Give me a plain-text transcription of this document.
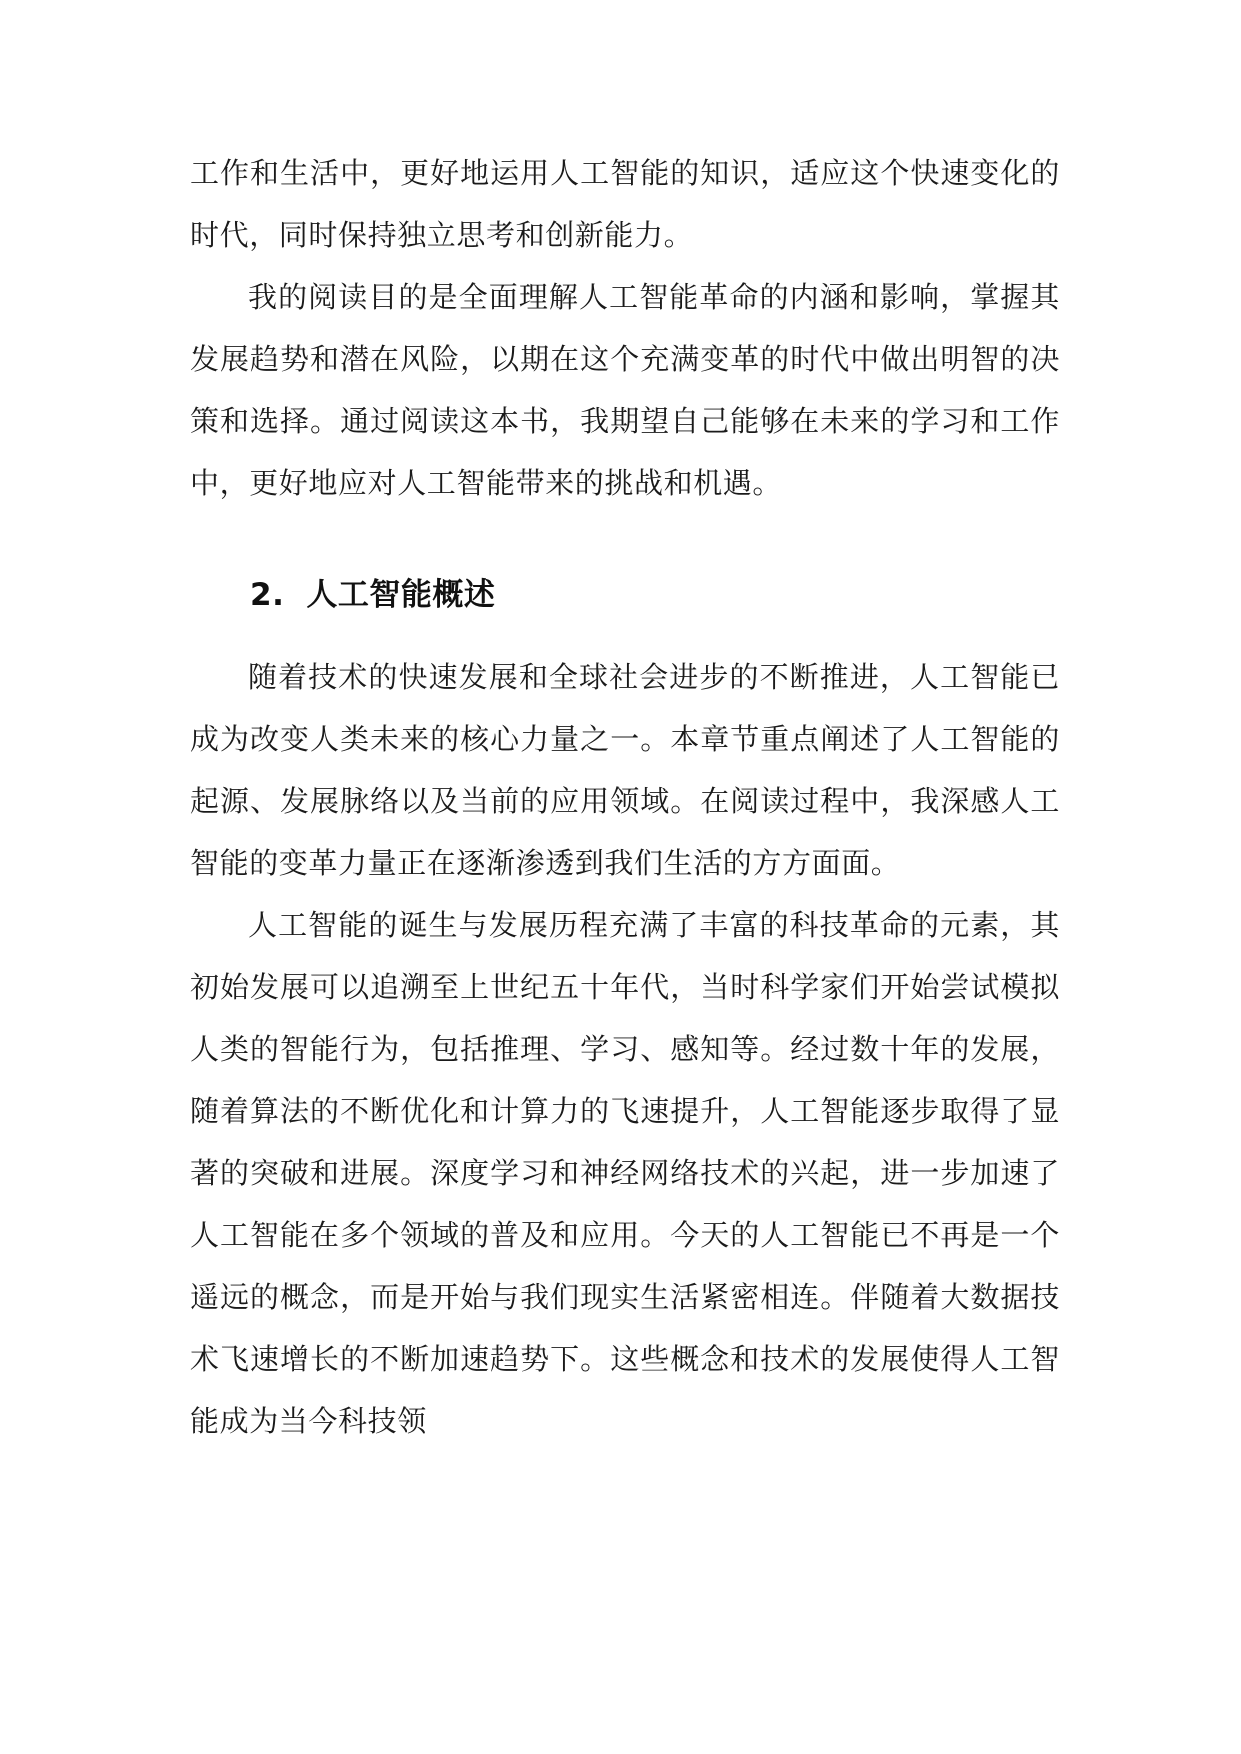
工作和生活中，更好地运用人工智能的知识，适应这个快速变化的时代，同时保持独立思考和创新能力。

我的阅读目的是全面理解人工智能革命的内涵和影响，掌握其发展趋势和潜在风险，以期在这个充满变革的时代中做出明智的决策和选择。通过阅读这本书，我期望自己能够在未来的学习和工作中，更好地应对人工智能带来的挑战和机遇。

2. 人工智能概述

随着技术的快速发展和全球社会进步的不断推进，人工智能已成为改变人类未来的核心力量之一。本章节重点阐述了人工智能的起源、发展脉络以及当前的应用领域。在阅读过程中，我深感人工智能的变革力量正在逐渐渗透到我们生活的方方面面。

人工智能的诞生与发展历程充满了丰富的科技革命的元素，其初始发展可以追溯至上世纪五十年代，当时科学家们开始尝试模拟人类的智能行为，包括推理、学习、感知等。经过数十年的发展，随着算法的不断优化和计算力的飞速提升，人工智能逐步取得了显著的突破和进展。深度学习和神经网络技术的兴起，进一步加速了人工智能在多个领域的普及和应用。今天的人工智能已不再是一个遥远的概念，而是开始与我们现实生活紧密相连。伴随着大数据技术飞速增长的不断加速趋势下。这些概念和技术的发展使得人工智能成为当今科技领
